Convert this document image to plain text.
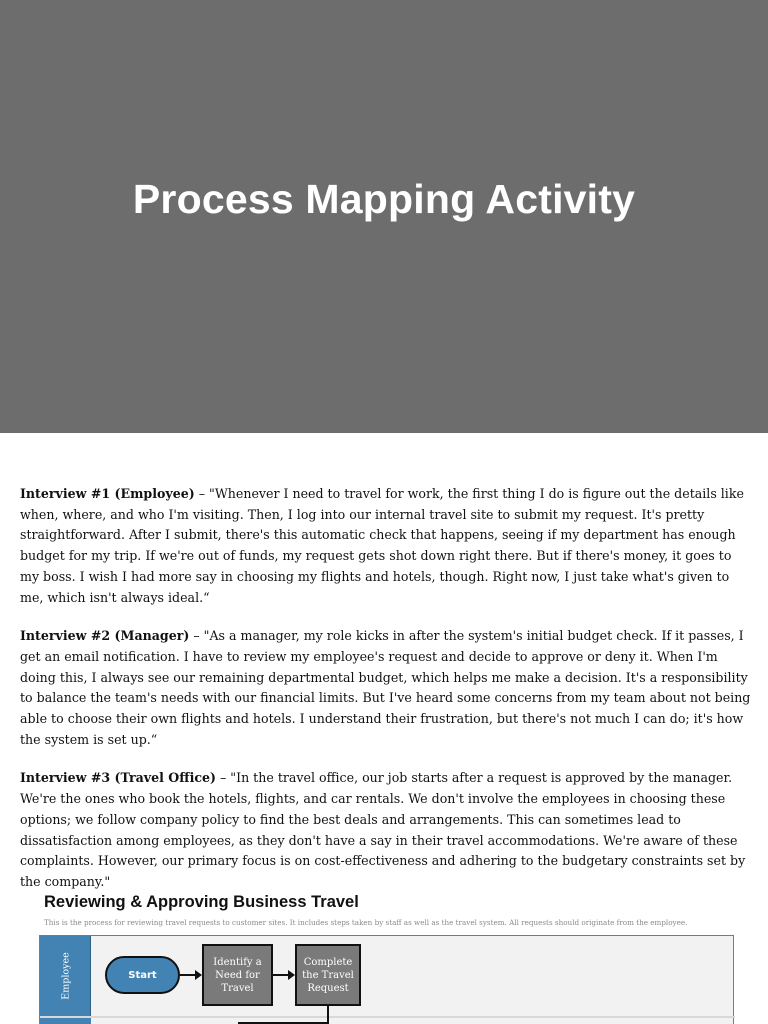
Process Mapping Activity

Interview #1 (Employee) – "Whenever I need to travel for work, the first thing I do is figure out the details like when, where, and who I'm visiting. Then, I log into our internal travel site to submit my request. It's pretty straightforward. After I submit, there's this automatic check that happens, seeing if my department has enough budget for my trip. If we're out of funds, my request gets shot down right there. But if there's money, it goes to my boss. I wish I had more say in choosing my flights and hotels, though. Right now, I just take what's given to me, which isn't always ideal.“

Interview #2 (Manager) – "As a manager, my role kicks in after the system's initial budget check. If it passes, I get an email notification. I have to review my employee's request and decide to approve or deny it. When I'm doing this, I always see our remaining departmental budget, which helps me make a decision. It's a responsibility to balance the team's needs with our financial limits. But I've heard some concerns from my team about not being able to choose their own flights and hotels. I understand their frustration, but there's not much I can do; it's how the system is set up.“

Interview #3 (Travel Office) – "In the travel office, our job starts after a request is approved by the manager. We're the ones who book the hotels, flights, and car rentals. We don't involve the employees in choosing these options; we follow company policy to find the best deals and arrangements. This can sometimes lead to dissatisfaction among employees, as they don't have a say in their travel accommodations. We're aware of these complaints. However, our primary focus is on cost-effectiveness and adhering to the budgetary constraints set by the company."

Reviewing & Approving Business Travel
This is the process for reviewing travel requests to customer sites. It includes steps taken by staff as well as the travel system. All requests should originate from the employee.
Employee	Start
Identify a Need for Travel
Complete the Travel Request
